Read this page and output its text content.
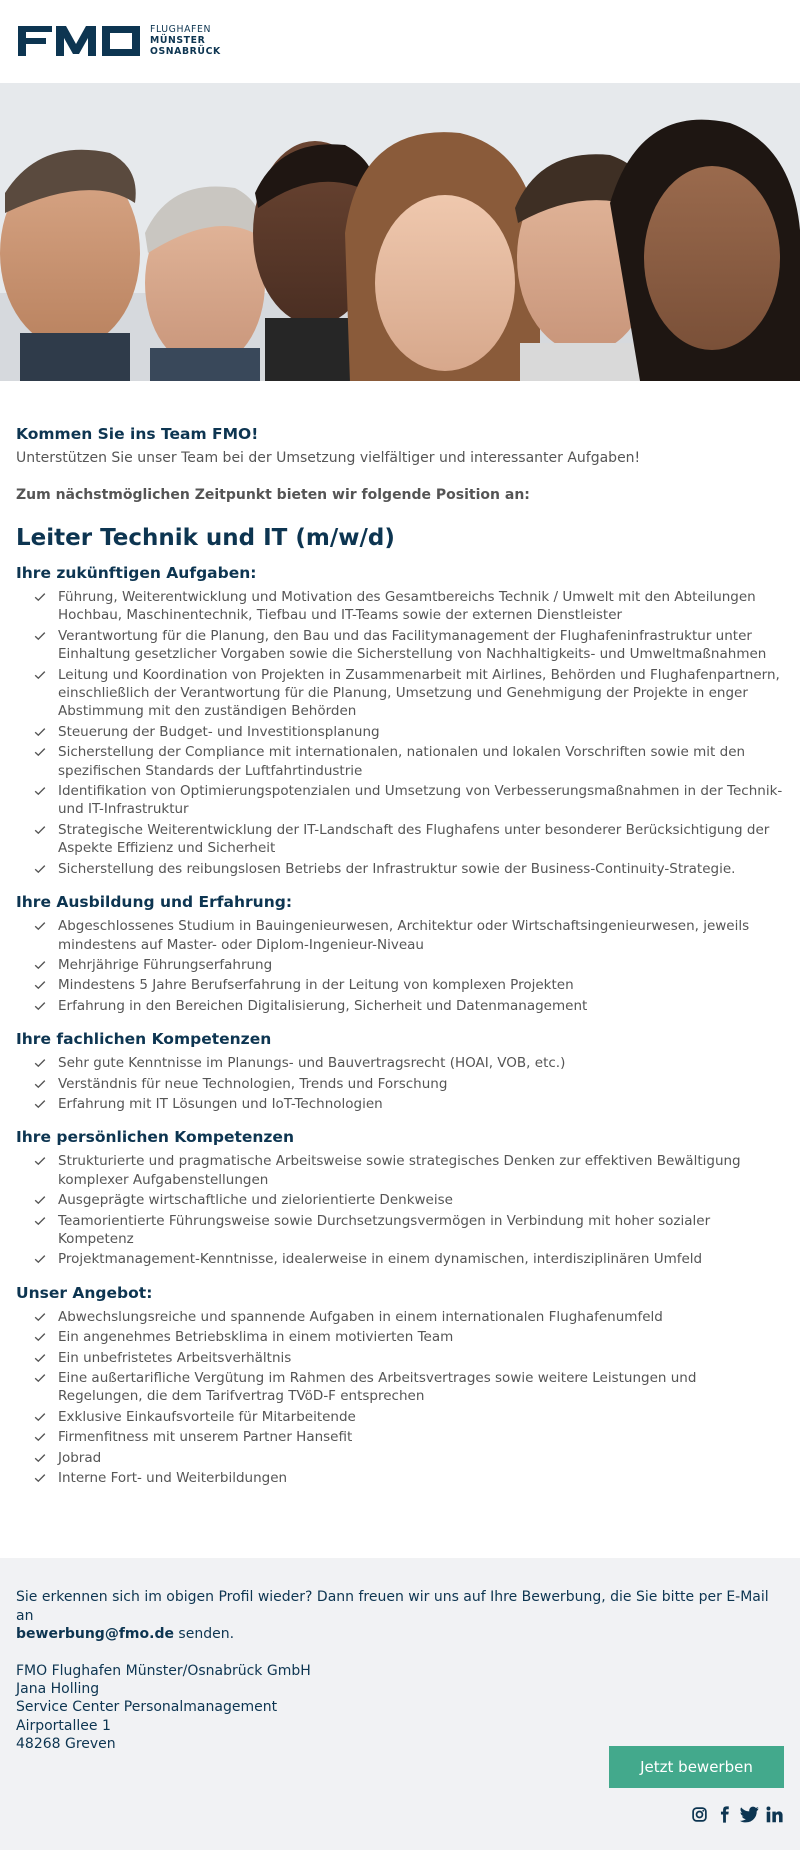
FLUGHAFEN
MÜNSTER
OSNABRÜCK
Kommen Sie ins Team FMO!

Unterstützen Sie unser Team bei der Umsetzung vielfältiger und interessanter Aufgaben!

Zum nächstmöglichen Zeitpunkt bieten wir folgende Position an:

Leiter Technik und IT (m/w/d)
Ihre zukünftigen Aufgaben:
Führung, Weiterentwicklung und Motivation des Gesamtbereichs Technik / Umwelt mit den Abteilungen Hochbau, Maschinentechnik, Tiefbau und IT-Teams sowie der externen Dienstleister
Verantwortung für die Planung, den Bau und das Facilitymanagement der Flughafeninfrastruktur unter Einhaltung gesetzlicher Vorgaben sowie die Sicherstellung von Nachhaltigkeits- und Umweltmaßnahmen
Leitung und Koordination von Projekten in Zusammenarbeit mit Airlines, Behörden und Flughafenpartnern, einschließlich der Verantwortung für die Planung, Umsetzung und Genehmigung der Projekte in enger Abstimmung mit den zuständigen Behörden
Steuerung der Budget- und Investitionsplanung
Sicherstellung der Compliance mit internationalen, nationalen und lokalen Vorschriften sowie mit den spezifischen Standards der Luftfahrtindustrie
Identifikation von Optimierungspotenzialen und Umsetzung von Verbesserungsmaßnahmen in der Technik- und IT-Infrastruktur
Strategische Weiterentwicklung der IT-Landschaft des Flughafens unter besonderer Berücksichtigung der Aspekte Effizienz und Sicherheit
Sicherstellung des reibungslosen Betriebs der Infrastruktur sowie der Business-Continuity-Strategie.
Ihre Ausbildung und Erfahrung:
Abgeschlossenes Studium in Bauingenieurwesen, Architektur oder Wirtschaftsingenieurwesen, jeweils mindestens auf Master- oder Diplom-Ingenieur-Niveau
Mehrjährige Führungserfahrung
Mindestens 5 Jahre Berufserfahrung in der Leitung von komplexen Projekten
Erfahrung in den Bereichen Digitalisierung, Sicherheit und Datenmanagement
Ihre fachlichen Kompetenzen
Sehr gute Kenntnisse im Planungs- und Bauvertragsrecht (HOAI, VOB, etc.)
Verständnis für neue Technologien, Trends und Forschung
Erfahrung mit IT Lösungen und IoT-Technologien
Ihre persönlichen Kompetenzen
Strukturierte und pragmatische Arbeitsweise sowie strategisches Denken zur effektiven Bewältigung komplexer Aufgabenstellungen
Ausgeprägte wirtschaftliche und zielorientierte Denkweise
Teamorientierte Führungsweise sowie Durchsetzungsvermögen in Verbindung mit hoher sozialer Kompetenz
Projektmanagement-Kenntnisse, idealerweise in einem dynamischen, interdisziplinären Umfeld
Unser Angebot:
Abwechslungsreiche und spannende Aufgaben in einem internationalen Flughafenumfeld
Ein angenehmes Betriebsklima in einem motivierten Team
Ein unbefristetes Arbeitsverhältnis
Eine außertarifliche Vergütung im Rahmen des Arbeitsvertrages sowie weitere Leistungen und Regelungen, die dem Tarifvertrag TVöD-F entsprechen
Exklusive Einkaufsvorteile für Mitarbeitende
Firmenfitness mit unserem Partner Hansefit
Jobrad
Interne Fort- und Weiterbildungen

Sie erkennen sich im obigen Profil wieder? Dann freuen wir uns auf Ihre Bewerbung, die Sie bitte per E-Mail an
bewerbung@fmo.de senden.

FMO Flughafen Münster/Osnabrück GmbH
Jana Holling
Service Center Personalmanagement
Airportallee 1
48268 Greven
Jetzt bewerben
